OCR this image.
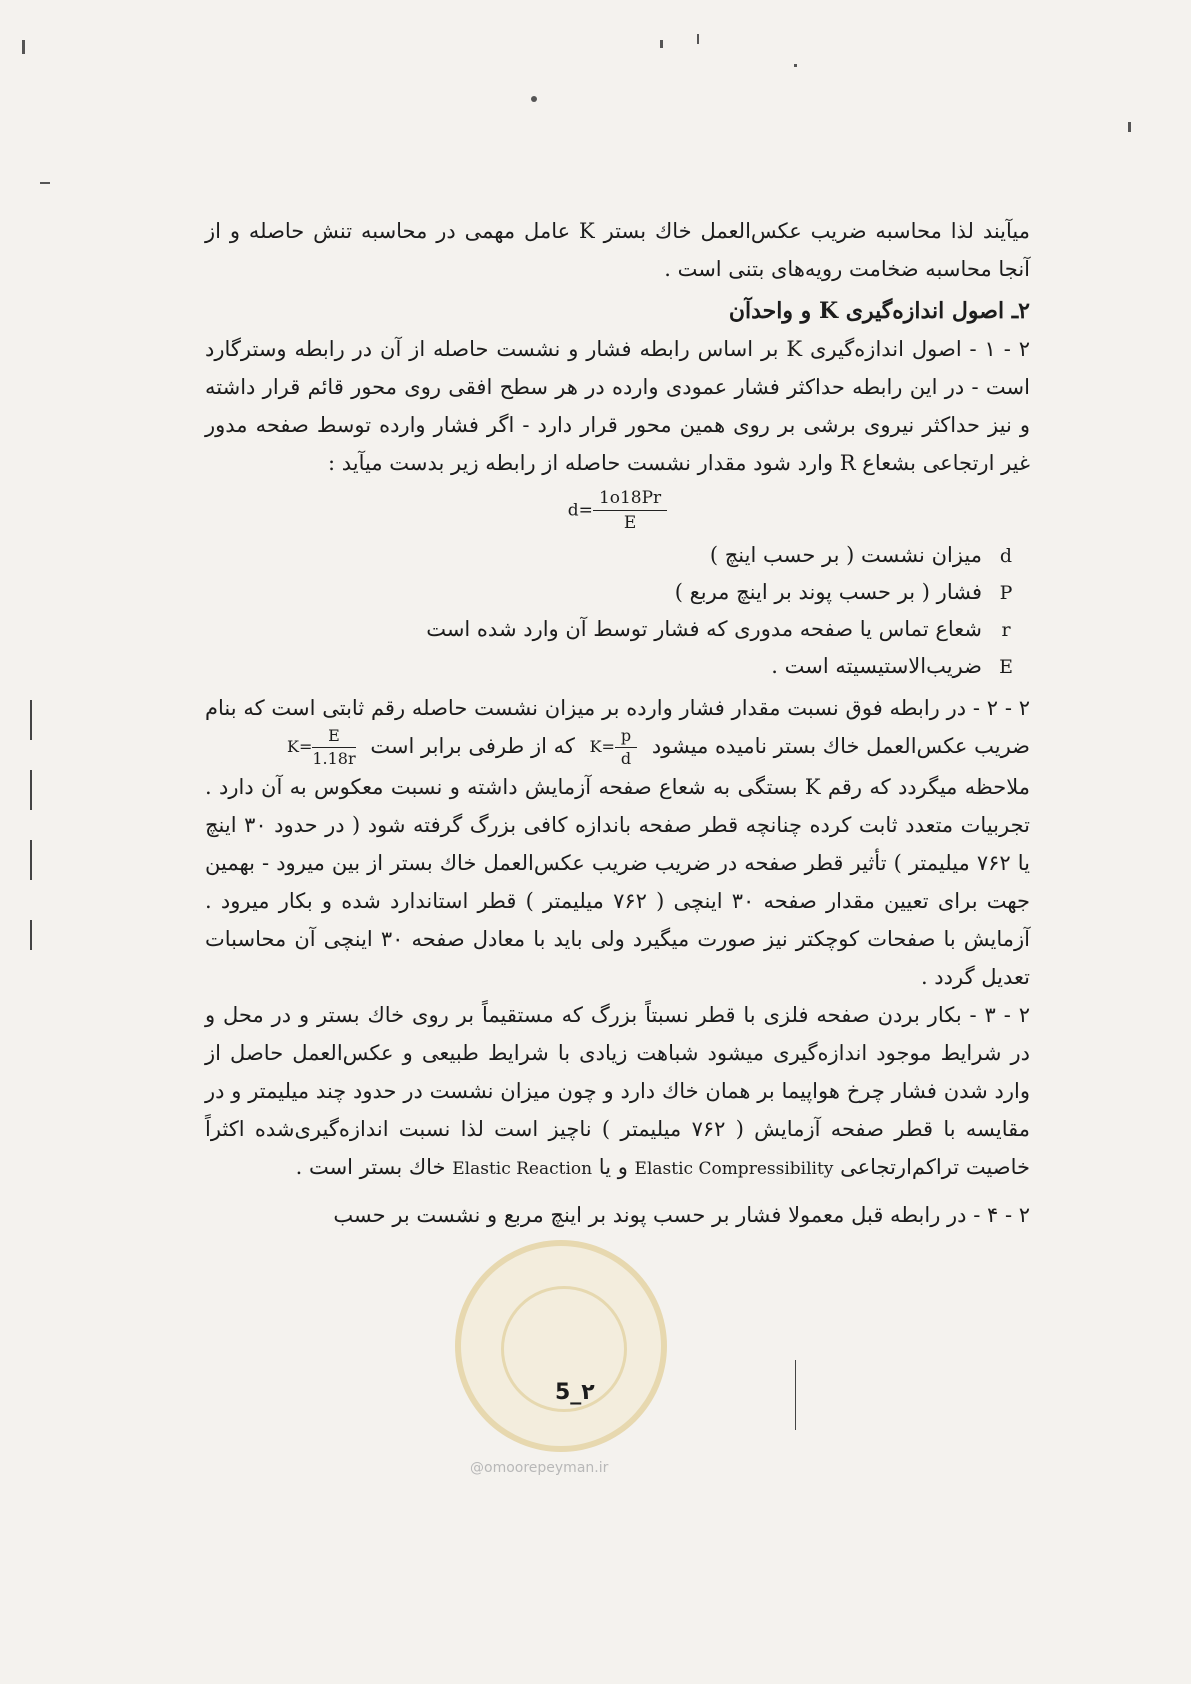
میآیند لذا محاسبه ضریب عکس‌العمل خاك بستر K عامل مهمی در محاسبه تنش حاصله و از آنجا محاسبه ضخامت رویه‌های بتنی است .

۲ـ اصول اندازه‌گیری K و واحدآن

۲ - ۱ - اصول اندازه‌گیری K بر اساس رابطه فشار و نشست حاصله از آن در رابطه وسترگارد است - در این رابطه حداکثر فشار عمودی وارده در هر سطح افقی روی محور قائم قرار داشته و نیز حداکثر نیروی برشی بر روی همین محور قرار دارد - اگر فشار وارده توسط صفحه مدور غیر ارتجاعی بشعاع R وارد شود مقدار نشست حاصله از رابطه زیر بدست میآید :

$d= \frac{1o18Pr}{E}$

d
میزان نشست ( بر حسب اینچ )
P
فشار ( بر حسب پوند بر اینچ مربع )
r
شعاع تماس یا صفحه مدوری که فشار توسط آن وارد شده است
E
ضریب‌الاستیسیته است .

۲ - ۲ - در رابطه فوق نسبت مقدار فشار وارده بر میزان نشست حاصله رقم ثابتی است که بنام ضریب عکس‌العمل خاك بستر نامیده میشود $K= \frac{p}{d}$
که از طرفی برابر است $K= \frac{E}{1.18r}$

ملاحظه میگردد که رقم K بستگی به شعاع صفحه آزمایش داشته و نسبت معکوس به آن دارد . تجربیات متعدد ثابت کرده چنانچه قطر صفحه باندازه کافی بزرگ گرفته شود ( در حدود ۳۰ اینچ یا ۷۶۲ میلیمتر ) تأثیر قطر صفحه در ضریب ضریب عکس‌العمل خاك بستر از بین میرود - بهمین جهت برای تعیین مقدار صفحه ۳۰ اینچی ( ۷۶۲ میلیمتر ) قطر استاندارد شده و بکار میرود . آزمایش با صفحات کوچکتر نیز صورت میگیرد ولی باید با معادل صفحه ۳۰ اینچی آن محاسبات تعدیل گردد .

۲ - ۳ - بکار بردن صفحه فلزی با قطر نسبتاً بزرگ که مستقیماً بر روی خاك بستر و در محل و در شرایط موجود اندازه‌گیری میشود شباهت زیادی با شرایط طبیعی و عکس‌العمل حاصل از وارد شدن فشار چرخ هواپیما بر همان خاك دارد و چون میزان نشست در حدود چند میلیمتر و در مقایسه با قطر صفحه آزمایش ( ۷۶۲ میلیمتر ) ناچیز است لذا نسبت اندازه‌گیری‌شده اکثراً خاصیت تراکم‌ارتجاعی Elastic Compressibility و یا Elastic Reaction خاك بستر است .

۲ - ۴ - در رابطه قبل معمولا فشار بر حسب پوند بر اینچ مربع و نشست بر حسب

5_۲
@omoorepeyman.ir
